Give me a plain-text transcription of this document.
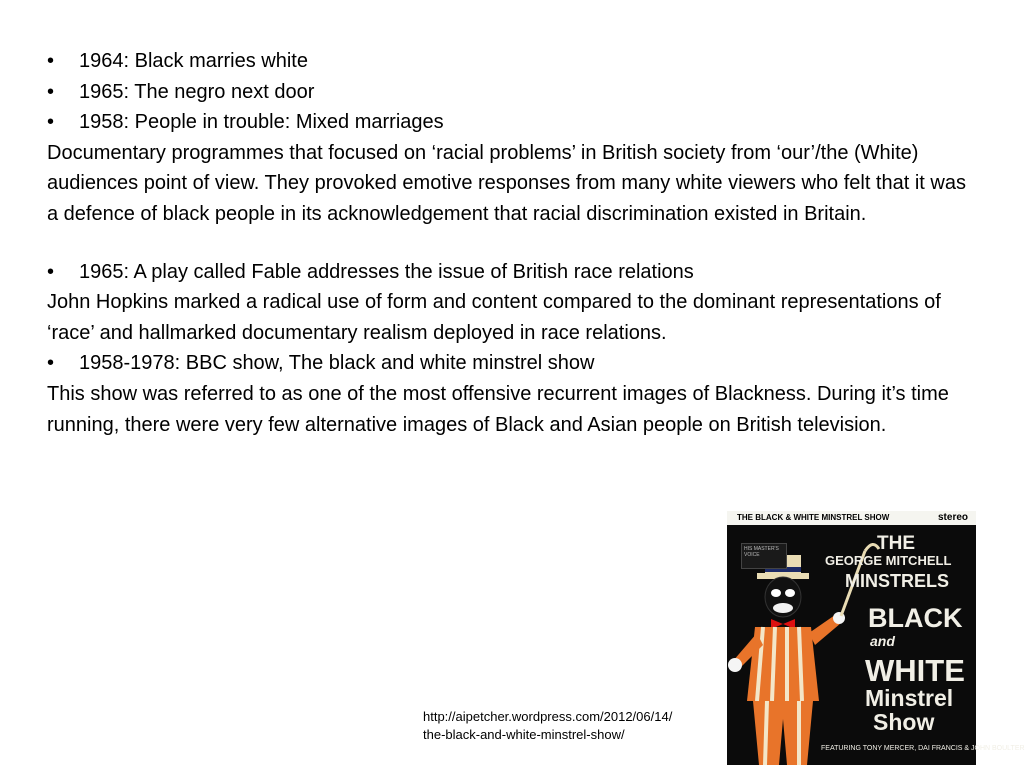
• 1964: Black marries white
• 1965: The negro next door
• 1958: People in trouble: Mixed marriages

Documentary programmes that focused on ‘racial problems’ in British society from ‘our’/the (White) audiences point of view. They provoked emotive responses from many white viewers who felt that it was a defence of black people in its acknowledgement that racial discrimination existed in Britain.

• 1965: A play called Fable addresses the issue of British race relations

John Hopkins marked a radical use of form and content compared to the dominant representations of ‘race’ and hallmarked documentary realism deployed in race relations.

• 1958-1978: BBC show, The black and white minstrel show

This show was referred to as one of the most offensive recurrent images of Blackness. During it’s time running, there were very few alternative images of Black and Asian people on British television.

http://aipetcher.wordpress.com/2012/06/14/
the-black-and-white-minstrel-show/
THE BLACK & WHITE MINSTREL SHOW	stereo
HIS MASTER'S VOICE
THE
GEORGE MITCHELL
MINSTRELS
BLACK
and
WHITE
Minstrel
Show
FEATURING TONY MERCER, DAI FRANCIS & JOHN BOULTER
